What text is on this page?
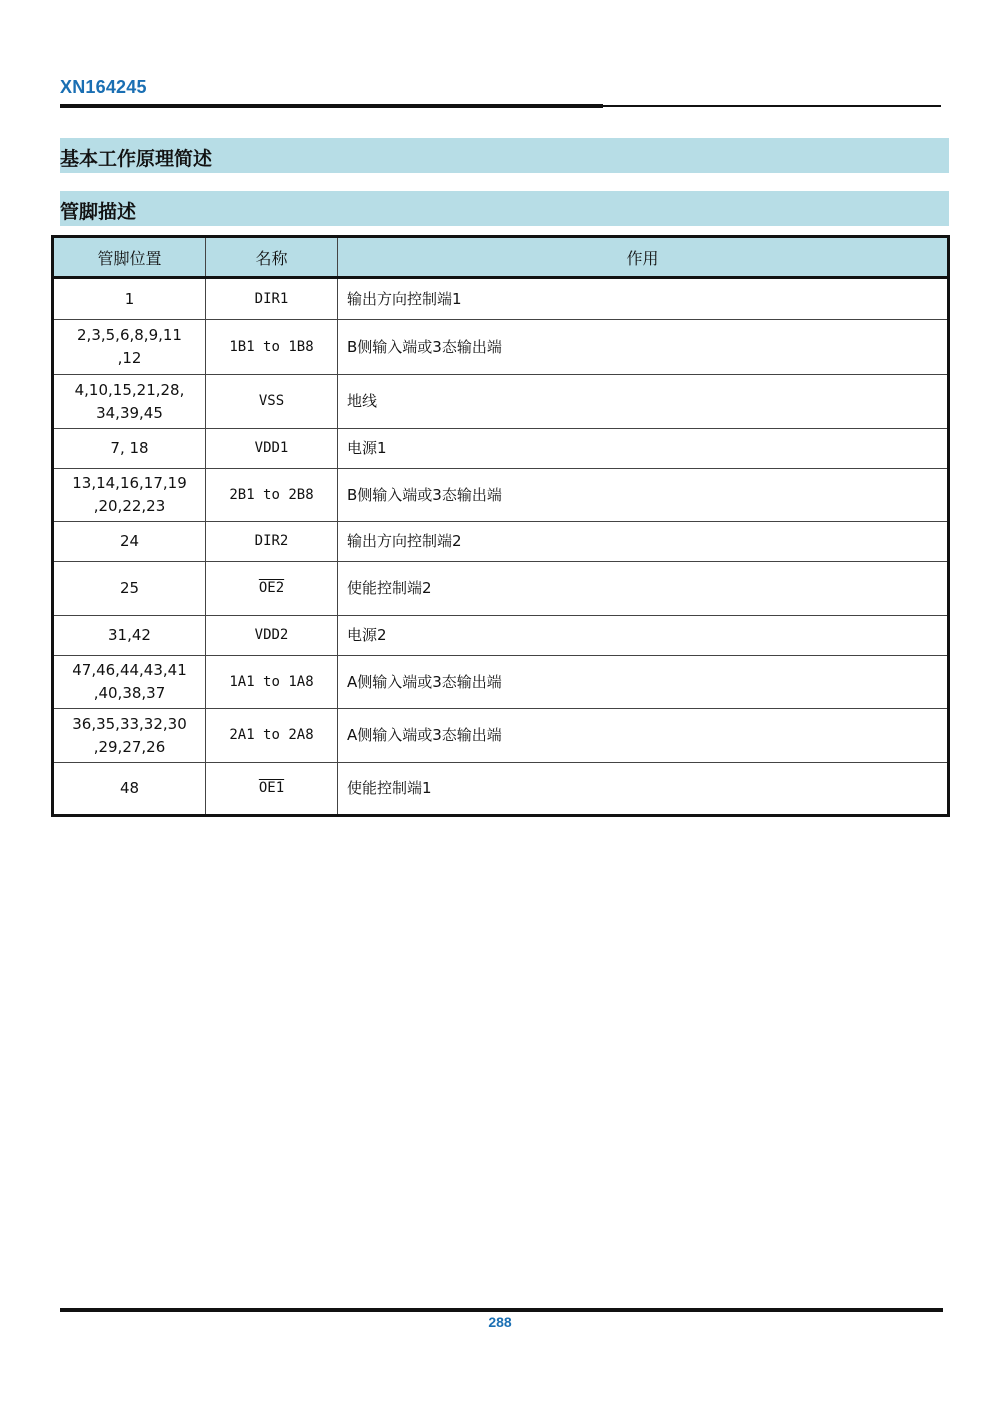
XN164245
基本工作原理简述
管脚描述
管脚位置	名称	作用
1	DIR1	输出方向控制端1
2,3,5,6,8,9,11
,12	1B1 to 1B8	B侧输入端或3态输出端
4,10,15,21,28,
34,39,45	VSS	地线
7, 18	VDD1	电源1
13,14,16,17,19
,20,22,23	2B1 to 2B8	B侧输入端或3态输出端
24	DIR2	输出方向控制端2
25	OE2	使能控制端2
31,42	VDD2	电源2
47,46,44,43,41
,40,38,37	1A1 to 1A8	A侧输入端或3态输出端
36,35,33,32,30
,29,27,26	2A1 to 2A8	A侧输入端或3态输出端
48	OE1	使能控制端1
288
